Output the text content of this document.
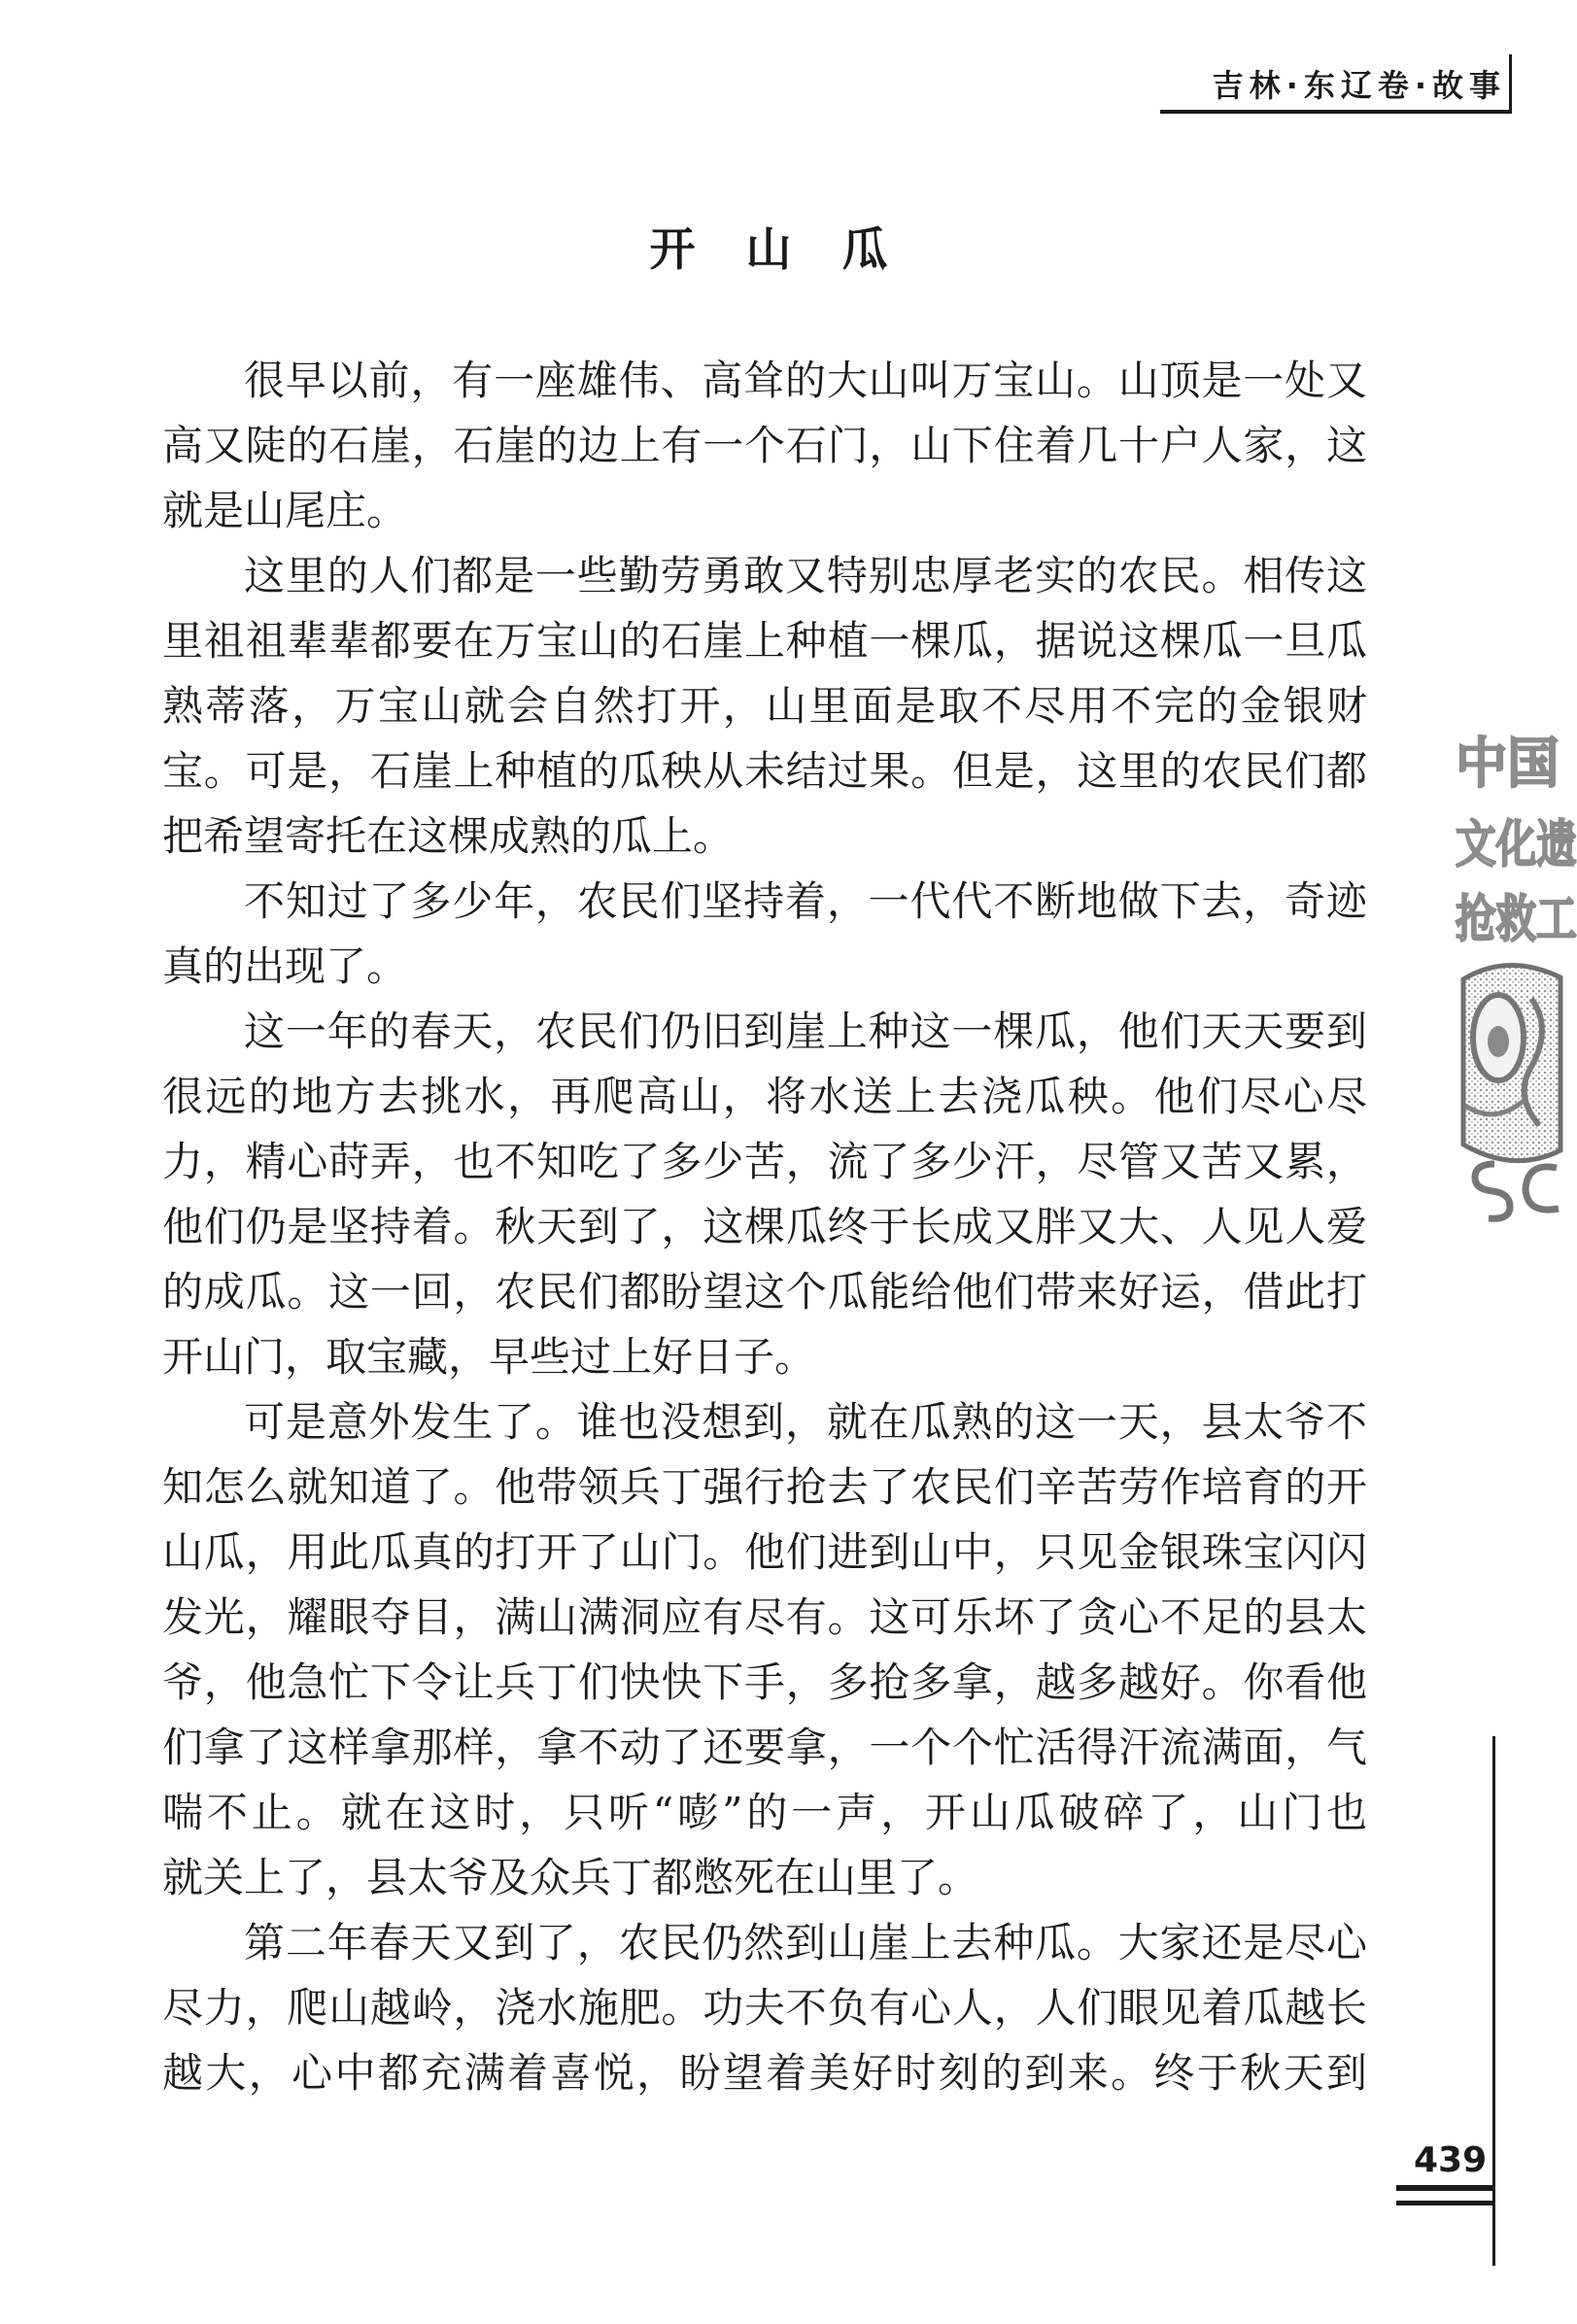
吉林·东辽卷·故事
开山瓜
很早以前，有一座雄伟、高耸的大山叫万宝山。山顶是一处又
高又陡的石崖，石崖的边上有一个石门，山下住着几十户人家，这
就是山尾庄。
这里的人们都是一些勤劳勇敢又特别忠厚老实的农民。相传这
里祖祖辈辈都要在万宝山的石崖上种植一棵瓜，据说这棵瓜一旦瓜
熟蒂落，万宝山就会自然打开，山里面是取不尽用不完的金银财
宝。可是，石崖上种植的瓜秧从未结过果。但是，这里的农民们都
把希望寄托在这棵成熟的瓜上。
不知过了多少年，农民们坚持着，一代代不断地做下去，奇迹
真的出现了。
这一年的春天，农民们仍旧到崖上种这一棵瓜，他们天天要到
很远的地方去挑水，再爬高山，将水送上去浇瓜秧。他们尽心尽
力，精心莳弄，也不知吃了多少苦，流了多少汗，尽管又苦又累，
他们仍是坚持着。秋天到了，这棵瓜终于长成又胖又大、人见人爱
的成瓜。这一回，农民们都盼望这个瓜能给他们带来好运，借此打
开山门，取宝藏，早些过上好日子。
可是意外发生了。谁也没想到，就在瓜熟的这一天，县太爷不
知怎么就知道了。他带领兵丁强行抢去了农民们辛苦劳作培育的开
山瓜，用此瓜真的打开了山门。他们进到山中，只见金银珠宝闪闪
发光，耀眼夺目，满山满洞应有尽有。这可乐坏了贪心不足的县太
爷，他急忙下令让兵丁们快快下手，多抢多拿，越多越好。你看他
们拿了这样拿那样，拿不动了还要拿，一个个忙活得汗流满面，气
喘不止。就在这时，只听“嘭”的一声，开山瓜破碎了，山门也
就关上了，县太爷及众兵丁都憋死在山里了。
第二年春天又到了，农民仍然到山崖上去种瓜。大家还是尽心
尽力，爬山越岭，浇水施肥。功夫不负有心人，人们眼见着瓜越长
越大，心中都充满着喜悦，盼望着美好时刻的到来。终于秋天到
中国
文化遗
抢救工
439
